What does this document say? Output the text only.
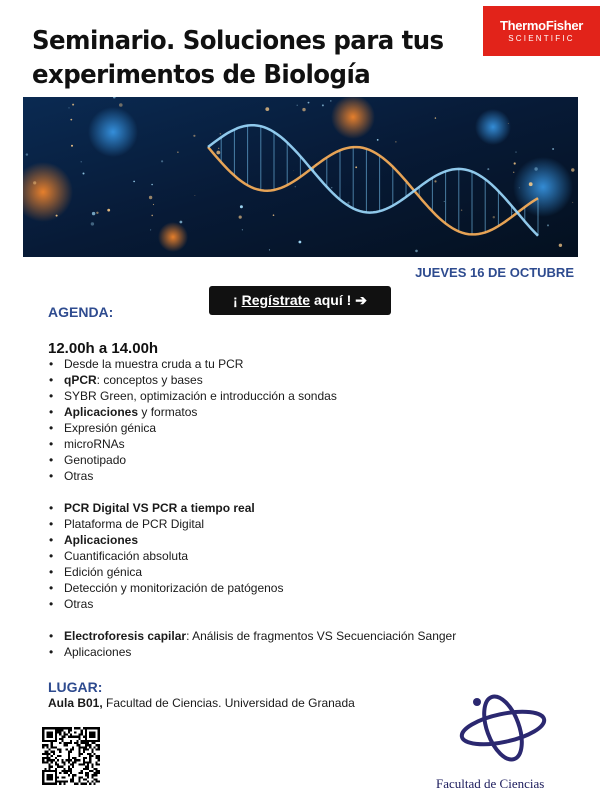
Seminario. Soluciones para tus experimentos de Biología
ThermoFisher
SCIENTIFIC
JUEVES 16 DE OCTUBRE
¡ Regístrate aquí ! ➔
AGENDA:
12.00h a 14.00h
• Desde la muestra cruda a tu PCR
• qPCR: conceptos y bases
• SYBR Green, optimización e introducción a sondas
• Aplicaciones y formatos
• Expresión génica
• microRNAs
• Genotipado
• Otras
• PCR Digital VS PCR a tiempo real
• Plataforma de PCR Digital
• Aplicaciones
• Cuantificación absoluta
• Edición génica
• Detección y monitorización de patógenos
• Otras
• Electroforesis capilar: Análisis de fragmentos VS Secuenciación Sanger
• Aplicaciones
LUGAR:
Aula B01, Facultad de Ciencias. Universidad de Granada
Facultad de Ciencias
